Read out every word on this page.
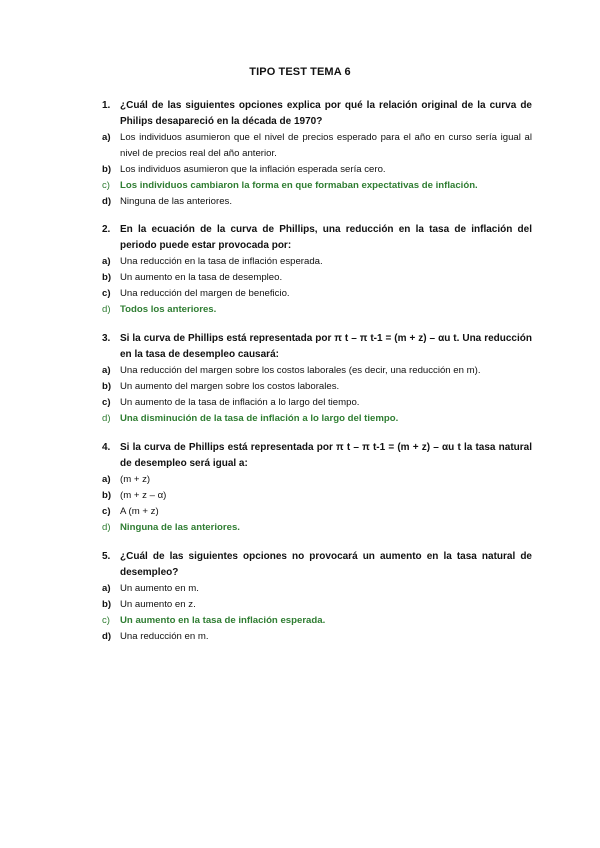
TIPO TEST TEMA 6
1. ¿Cuál de las siguientes opciones explica por qué la relación original de la curva de Philips desapareció en la década de 1970?
a) Los individuos asumieron que el nivel de precios esperado para el año en curso sería igual al nivel de precios real del año anterior.
b) Los individuos asumieron que la inflación esperada sería cero.
c) Los individuos cambiaron la forma en que formaban expectativas de inflación.
d) Ninguna de las anteriores.
2. En la ecuación de la curva de Phillips, una reducción en la tasa de inflación del periodo puede estar provocada por:
a) Una reducción en la tasa de inflación esperada.
b) Un aumento en la tasa de desempleo.
c) Una reducción del margen de beneficio.
d) Todos los anteriores.
3. Si la curva de Phillips está representada por π t – π t-1 = (m + z) – αu t. Una reducción en la tasa de desempleo causará:
a) Una reducción del margen sobre los costos laborales (es decir, una reducción en m).
b) Un aumento del margen sobre los costos laborales.
c) Un aumento de la tasa de inflación a lo largo del tiempo.
d) Una disminución de la tasa de inflación a lo largo del tiempo.
4. Si la curva de Phillips está representada por π t – π t-1 = (m + z) – αu t la tasa natural de desempleo será igual a:
a) (m + z)
b) (m + z – α)
c) A (m + z)
d) Ninguna de las anteriores.
5. ¿Cuál de las siguientes opciones no provocará un aumento en la tasa natural de desempleo?
a) Un aumento en m.
b) Un aumento en z.
c) Un aumento en la tasa de inflación esperada.
d) Una reducción en m.
